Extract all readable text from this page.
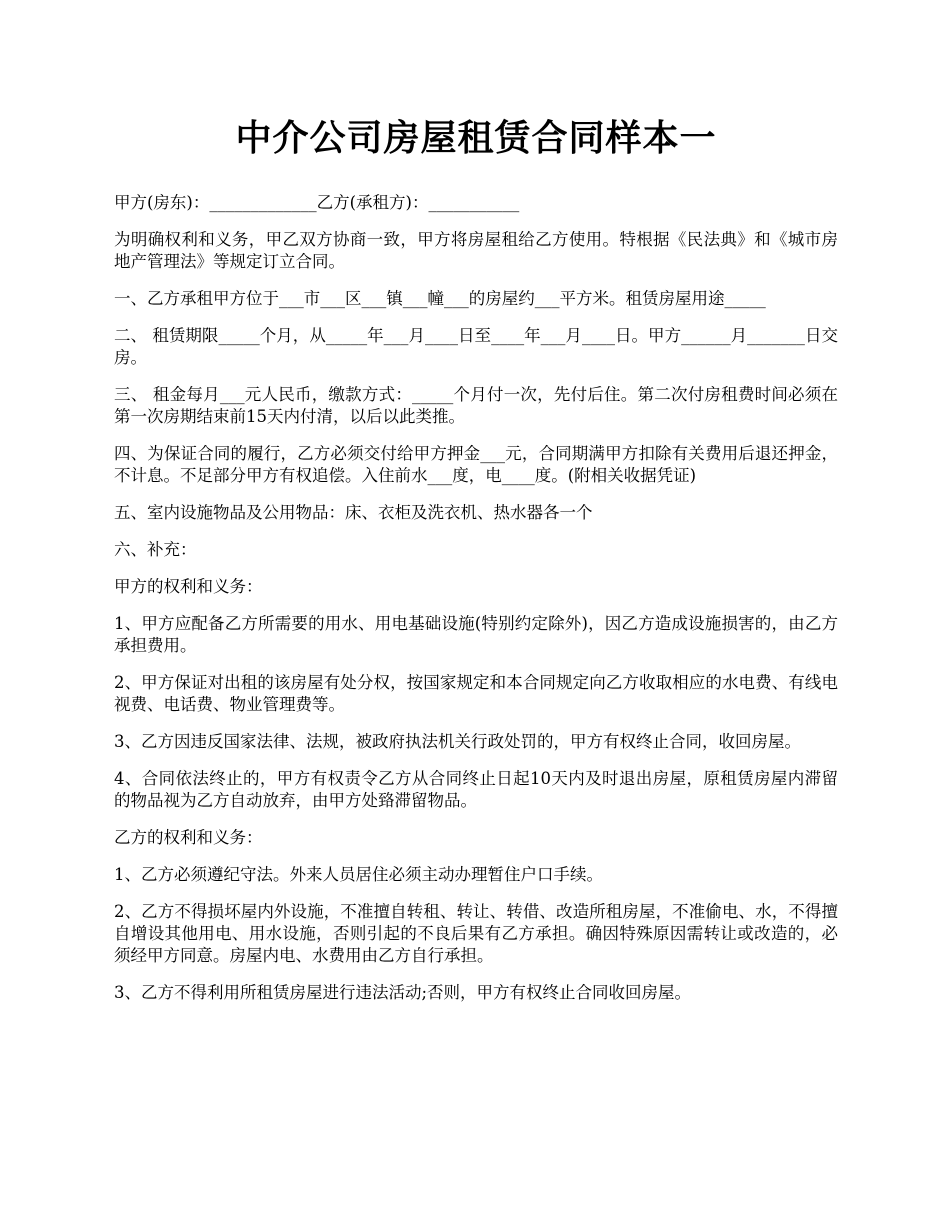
中介公司房屋租赁合同样本一

甲方(房东)：_____________乙方(承租方)：___________

为明确权利和义务，甲乙双方协商一致，甲方将房屋租给乙方使用。特根据《民法典》和《城市房地产管理法》等规定订立合同。

一、乙方承租甲方位于___市___区___镇___幢___的房屋约___平方米。租赁房屋用途_____

二、 租赁期限_____个月，从_____年___月____日至____年___月____日。甲方______月_______日交房。

三、 租金每月___元人民币，缴款方式：_____个月付一次，先付后住。第二次付房租费时间必须在第一次房期结束前15天内付清，以后以此类推。

四、为保证合同的履行，乙方必须交付给甲方押金___元，合同期满甲方扣除有关费用后退还押金，不计息。不足部分甲方有权追偿。入住前水___度，电____度。(附相关收据凭证)

五、室内设施物品及公用物品：床、衣柜及洗衣机、热水器各一个

六、补充：

甲方的权利和义务：

1、甲方应配备乙方所需要的用水、用电基础设施(特别约定除外)，因乙方造成设施损害的，由乙方承担费用。

2、甲方保证对出租的该房屋有处分权，按国家规定和本合同规定向乙方收取相应的水电费、有线电视费、电话费、物业管理费等。

3、乙方因违反国家法律、法规，被政府执法机关行政处罚的，甲方有权终止合同，收回房屋。

4、合同依法终止的，甲方有权责令乙方从合同终止日起10天内及时退出房屋，原租赁房屋内滞留的物品视为乙方自动放弃，由甲方处臵滞留物品。

乙方的权利和义务：

1、乙方必须遵纪守法。外来人员居住必须主动办理暂住户口手续。

2、乙方不得损坏屋内外设施，不准擅自转租、转让、转借、改造所租房屋，不准偷电、水，不得擅自增设其他用电、用水设施，否则引起的不良后果有乙方承担。确因特殊原因需转让或改造的，必须经甲方同意。房屋内电、水费用由乙方自行承担。

3、乙方不得利用所租赁房屋进行违法活动;否则，甲方有权终止合同收回房屋。
